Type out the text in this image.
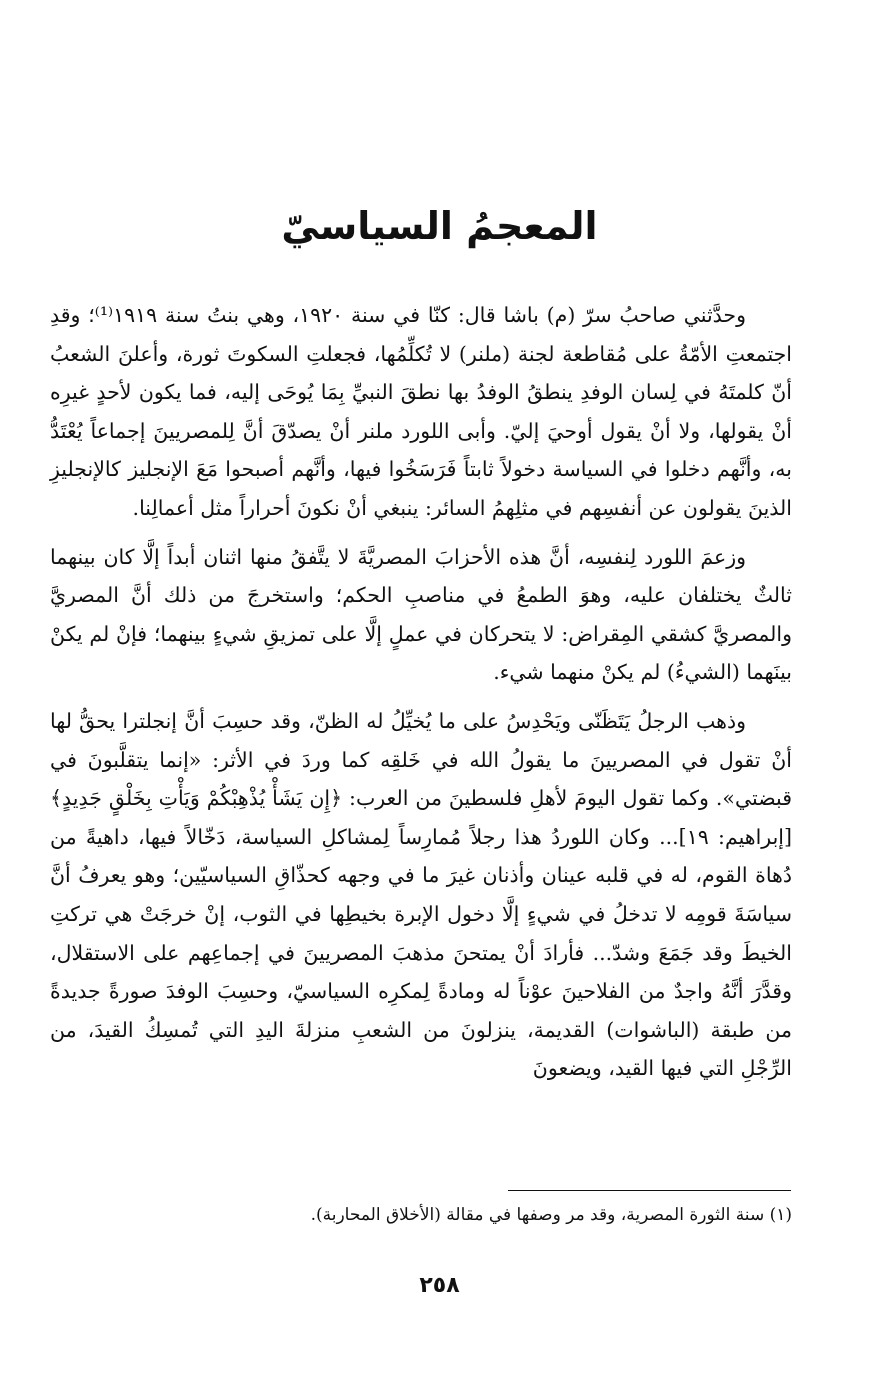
المعجمُ السياسيّ

وحدَّثني صاحبُ سرّ (م) باشا قال: كنّا في سنة ١٩٢٠، وهي بنتُ سنة ١٩١٩⁽¹⁾؛ وقدِ اجتمعتِ الأمّةُ على مُقاطعة لجنة (ملنر) لا تُكلِّمُها، فجعلتِ السكوتَ ثورة، وأعلنَ الشعبُ أنّ كلمتَهُ في لِسان الوفدِ ينطقُ الوفدُ بها نطقَ النبيِّ بِمَا يُوحَى إليه، فما يكون لأحدٍ غيرِه أنْ يقولها، ولا أنْ يقول أوحيَ إليّ. وأبى اللورد ملنر أنْ يصدّقَ أنَّ لِلمصريينَ إجماعاً يُعْتَدُّ به، وأنَّهم دخلوا في السياسة دخولاً ثابتاً فَرَسَخُوا فيها، وأنَّهم أصبحوا مَعَ الإنجليز كالإنجليزِ الذينَ يقولون عن أنفسِهم في مثلِهمُ السائر: ينبغي أنْ نكونَ أحراراً مثل أعمالِنا.

وزعمَ اللورد لِنفسِه، أنَّ هذه الأحزابَ المصريَّةَ لا يتَّفقُ منها اثنان أبداً إلَّا كان بينهما ثالثٌ يختلفان عليه، وهوَ الطمعُ في مناصبِ الحكم؛ واستخرجَ من ذلك أنَّ المصريَّ والمصريَّ كشقي المِقراض: لا يتحركان في عملٍ إلَّا على تمزيقِ شيءٍ بينهما؛ فإنْ لم يكنْ بينَهما (الشيءُ) لم يكنْ منهما شيء.

وذهب الرجلُ يَتَظَنّى ويَحْدِسُ على ما يُخيِّلُ له الظنّ، وقد حسِبَ أنَّ إنجلترا يحقُّ لها أنْ تقول في المصريينَ ما يقولُ الله في خَلقِه كما وردَ في الأثر: «إنما يتقلَّبونَ في قبضتي». وكما تقول اليومَ لأهلِ فلسطينَ من العرب: ﴿إِن يَشَأْ يُذْهِبْكُمْ وَيَأْتِ بِخَلْقٍ جَدِيدٍ﴾ [إبراهيم: ١٩]... وكان اللوردُ هذا رجلاً مُمارِساً لِمشاكلِ السياسة، دَخّالاً فيها، داهيةً من دُهاة القوم، له في قلبه عينان وأذنان غيرَ ما في وجهه كحذّاقِ السياسيّين؛ وهو يعرفُ أنَّ سياسَةَ قومِه لا تدخلُ في شيءٍ إلَّا دخول الإبرة بخيطِها في الثوب، إنْ خرجَتْ هي تركتِ الخيطَ وقد جَمَعَ وشدّ... فأرادَ أنْ يمتحنَ مذهبَ المصريينَ في إجماعِهم على الاستقلال، وقدَّرَ أنَّهُ واجدٌ من الفلاحينَ عوْناً له ومادةً لِمكرِه السياسيّ، وحسِبَ الوفدَ صورةً جديدةً من طبقة (الباشوات) القديمة، ينزلونَ من الشعبِ منزلةَ اليدِ التي تُمسِكُ القيدَ، من الرِّجْلِ التي فيها القيد، ويضعونَ

(١) سنة الثورة المصرية، وقد مر وصفها في مقالة (الأخلاق المحاربة).
٢٥٨
